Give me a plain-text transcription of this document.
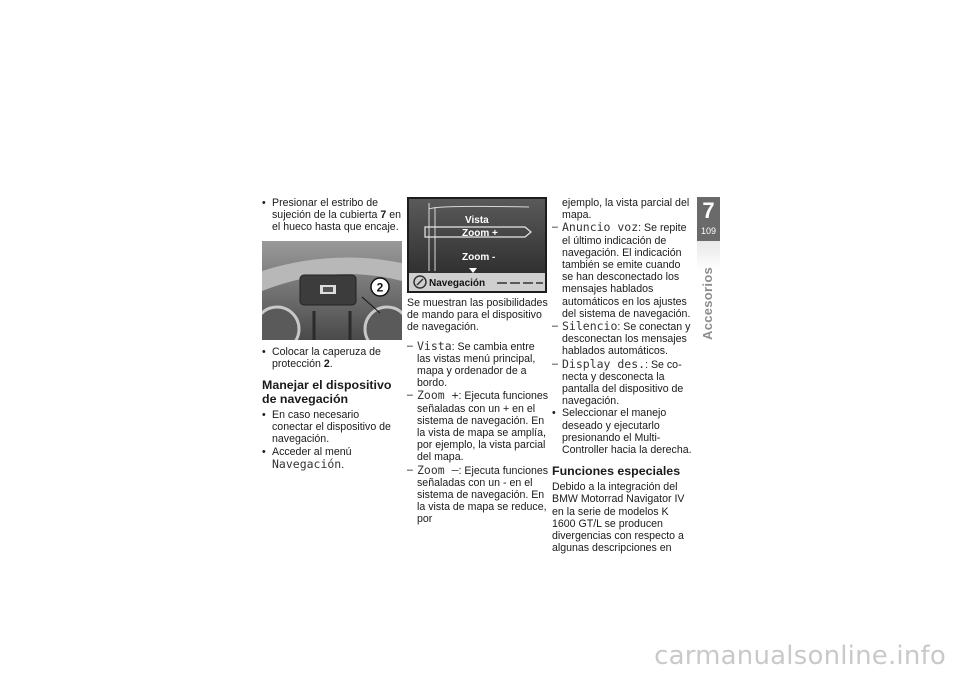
• Presionar el estribo de sujeción de la cubierta 7 en el hueco hasta que encaje.

2

• Colocar la caperuza de protección 2.

Manejar el dispositivo de navegación

• En caso necesario conectar el dispositivo de navegación.

• Acceder al menú
Navegación.

Vista
Zoom +
Zoom -
Navegación

Se muestran las posibilidades de mando para el dispositivo de navegación.

– Vista: Se cambia entre las vistas menú principal, mapa y ordenador de a bordo.

– Zoom +: Ejecuta funciones señaladas con un + en el sistema de navegación. En la vista de mapa se amplía, por ejemplo, la vista parcial del mapa.

– Zoom –: Ejecuta funciones señaladas con un - en el sistema de navegación. En la vista de mapa se reduce, por

ejemplo, la vista parcial del mapa.

– Anuncio voz: Se repite el último indicación de navegación. El indicación también se emite cuando se han desconectado los mensajes hablados automáticos en los ajustes del sistema de navegación.

– Silencio: Se conectan y desconectan los mensajes hablados automáticos.

– Display des.: Se conecta y desconecta la pantalla del dispositivo de navegación.

• Seleccionar el manejo deseado y ejecutarlo presionando el Multi-Controller hacia la derecha.

Funciones especiales

Debido a la integración del BMW Motorrad Navigator IV en la serie de modelos K 1600 GT/L se producen divergencias con respecto a algunas descripciones en

7
109
Accesorios
carmanualsonline.info
